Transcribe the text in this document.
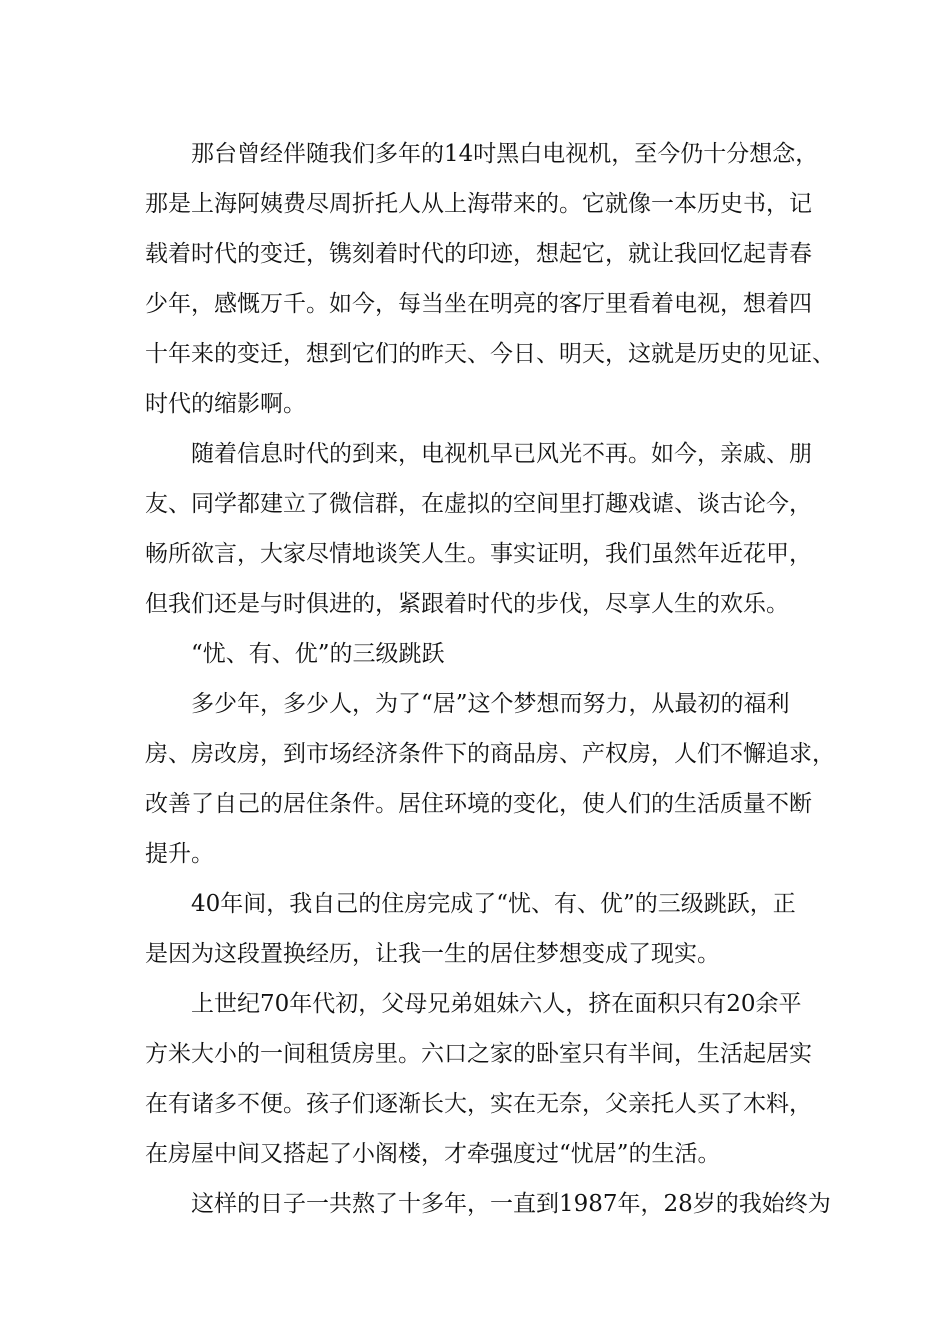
那台曾经伴随我们多年的14吋黑白电视机，至今仍十分想念，
那是上海阿姨费尽周折托人从上海带来的。它就像一本历史书，记
载着时代的变迁，镌刻着时代的印迹，想起它，就让我回忆起青春
少年，感慨万千。如今，每当坐在明亮的客厅里看着电视，想着四
十年来的变迁，想到它们的昨天、今日、明天，这就是历史的见证、
时代的缩影啊。
随着信息时代的到来，电视机早已风光不再。如今，亲戚、朋
友、同学都建立了微信群，在虚拟的空间里打趣戏谑、谈古论今，
畅所欲言，大家尽情地谈笑人生。事实证明，我们虽然年近花甲，
但我们还是与时俱进的，紧跟着时代的步伐，尽享人生的欢乐。
“忧、有、优”的三级跳跃
多少年，多少人，为了“居”这个梦想而努力，从最初的福利
房、房改房，到市场经济条件下的商品房、产权房，人们不懈追求，
改善了自己的居住条件。居住环境的变化，使人们的生活质量不断
提升。
40年间，我自己的住房完成了“忧、有、优”的三级跳跃，正
是因为这段置换经历，让我一生的居住梦想变成了现实。
上世纪70年代初，父母兄弟姐妹六人，挤在面积只有20余平
方米大小的一间租赁房里。六口之家的卧室只有半间，生活起居实
在有诸多不便。孩子们逐渐长大，实在无奈，父亲托人买了木料，
在房屋中间又搭起了小阁楼，才牵强度过“忧居”的生活。
这样的日子一共熬了十多年，一直到1987年，28岁的我始终为
